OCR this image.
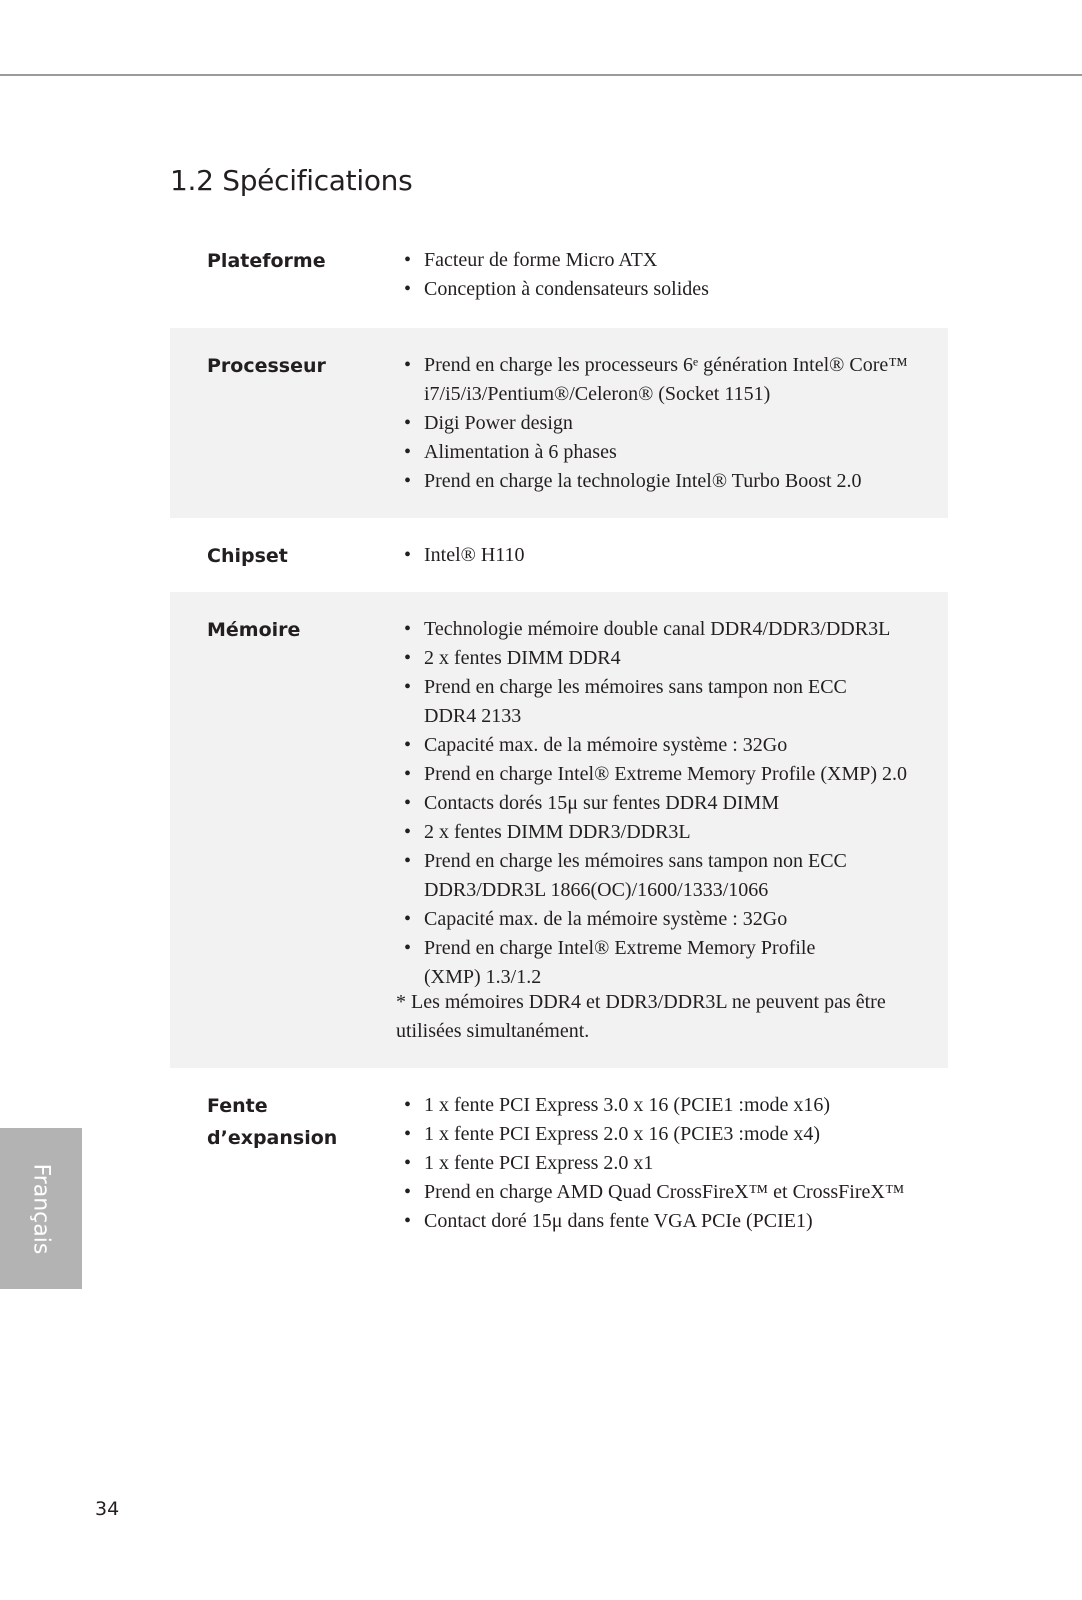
1.2 Spécifications
Plateforme	• Facteur de forme Micro ATX
• Conception à condensateurs solides
Processeur	• Prend en charge les processeurs 6ᵉ génération Intel® Core™
i7/i5/i3/Pentium®/Celeron® (Socket 1151)
• Digi Power design
• Alimentation à 6 phases
• Prend en charge la technologie Intel® Turbo Boost 2.0
Chipset	• Intel® H110
Mémoire	• Technologie mémoire double canal DDR4/DDR3/DDR3L
• 2 x fentes DIMM DDR4
• Prend en charge les mémoires sans tampon non ECC
DDR4 2133
• Capacité max. de la mémoire système : 32Go
• Prend en charge Intel® Extreme Memory Profile (XMP) 2.0
• Contacts dorés 15μ sur fentes DDR4 DIMM
• 2 x fentes DIMM DDR3/DDR3L
• Prend en charge les mémoires sans tampon non ECC
DDR3/DDR3L 1866(OC)/1600/1333/1066
• Capacité max. de la mémoire système : 32Go
• Prend en charge Intel® Extreme Memory Profile
(XMP) 1.3/1.2

* Les mémoires DDR4 et DDR3/DDR3L ne peuvent pas être utilisées simultanément.

Fente d’expansion
• 1 x fente PCI Express 3.0 x 16 (PCIE1 :mode x16)
• 1 x fente PCI Express 2.0 x 16 (PCIE3 :mode x4)
• 1 x fente PCI Express 2.0 x1
• Prend en charge AMD Quad CrossFireX™ et CrossFireX™
• Contact doré 15μ dans fente VGA PCIe (PCIE1)
Français
34
